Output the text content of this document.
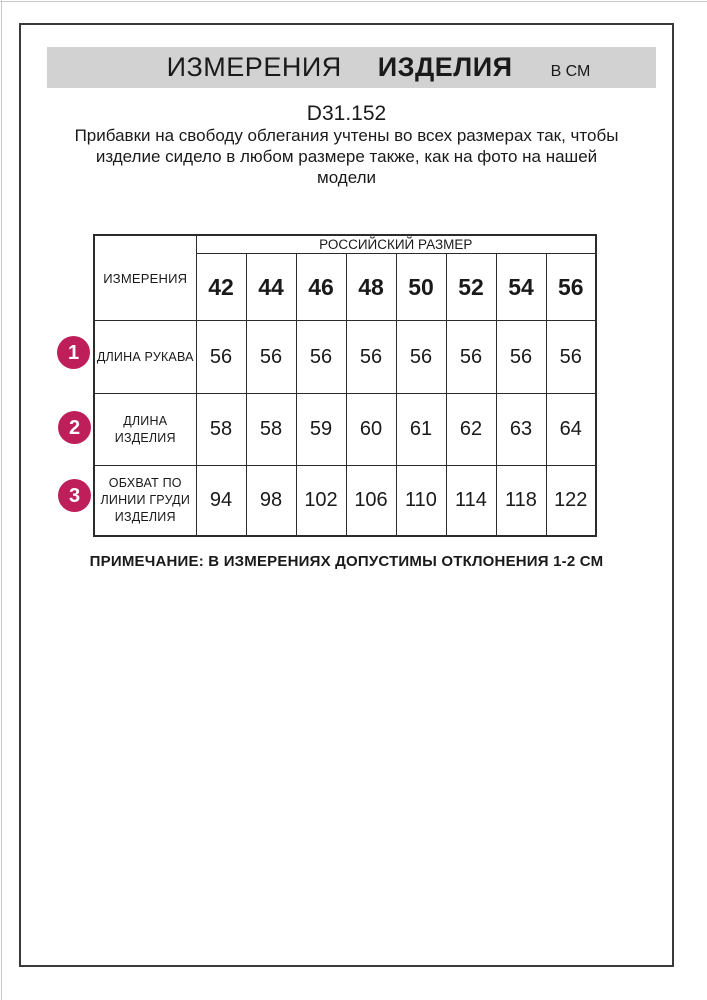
ИЗМЕРЕНИЯ ИЗДЕЛИЯ В СМ
D31.152
Прибавки на свободу облегания учтены во всех размерах так, чтобы
изделие сидело в любом размере также, как на фото на нашей
модели
ИЗМЕРЕНИЯ	РОССИЙСКИЙ РАЗМЕР							
	42	44	46	48	50	52	54	56
ДЛИНА РУКАВА	56	56	56	56	56	56	56	56
ДЛИНА ИЗДЕЛИЯ	58	58	59	60	61	62	63	64
ОБХВАТ ПО ЛИНИИ ГРУДИ ИЗДЕЛИЯ	94	98	102	106	110	114	118	122
1
2
3
ПРИМЕЧАНИЕ: В ИЗМЕРЕНИЯХ ДОПУСТИМЫ ОТКЛОНЕНИЯ 1-2 СМ
